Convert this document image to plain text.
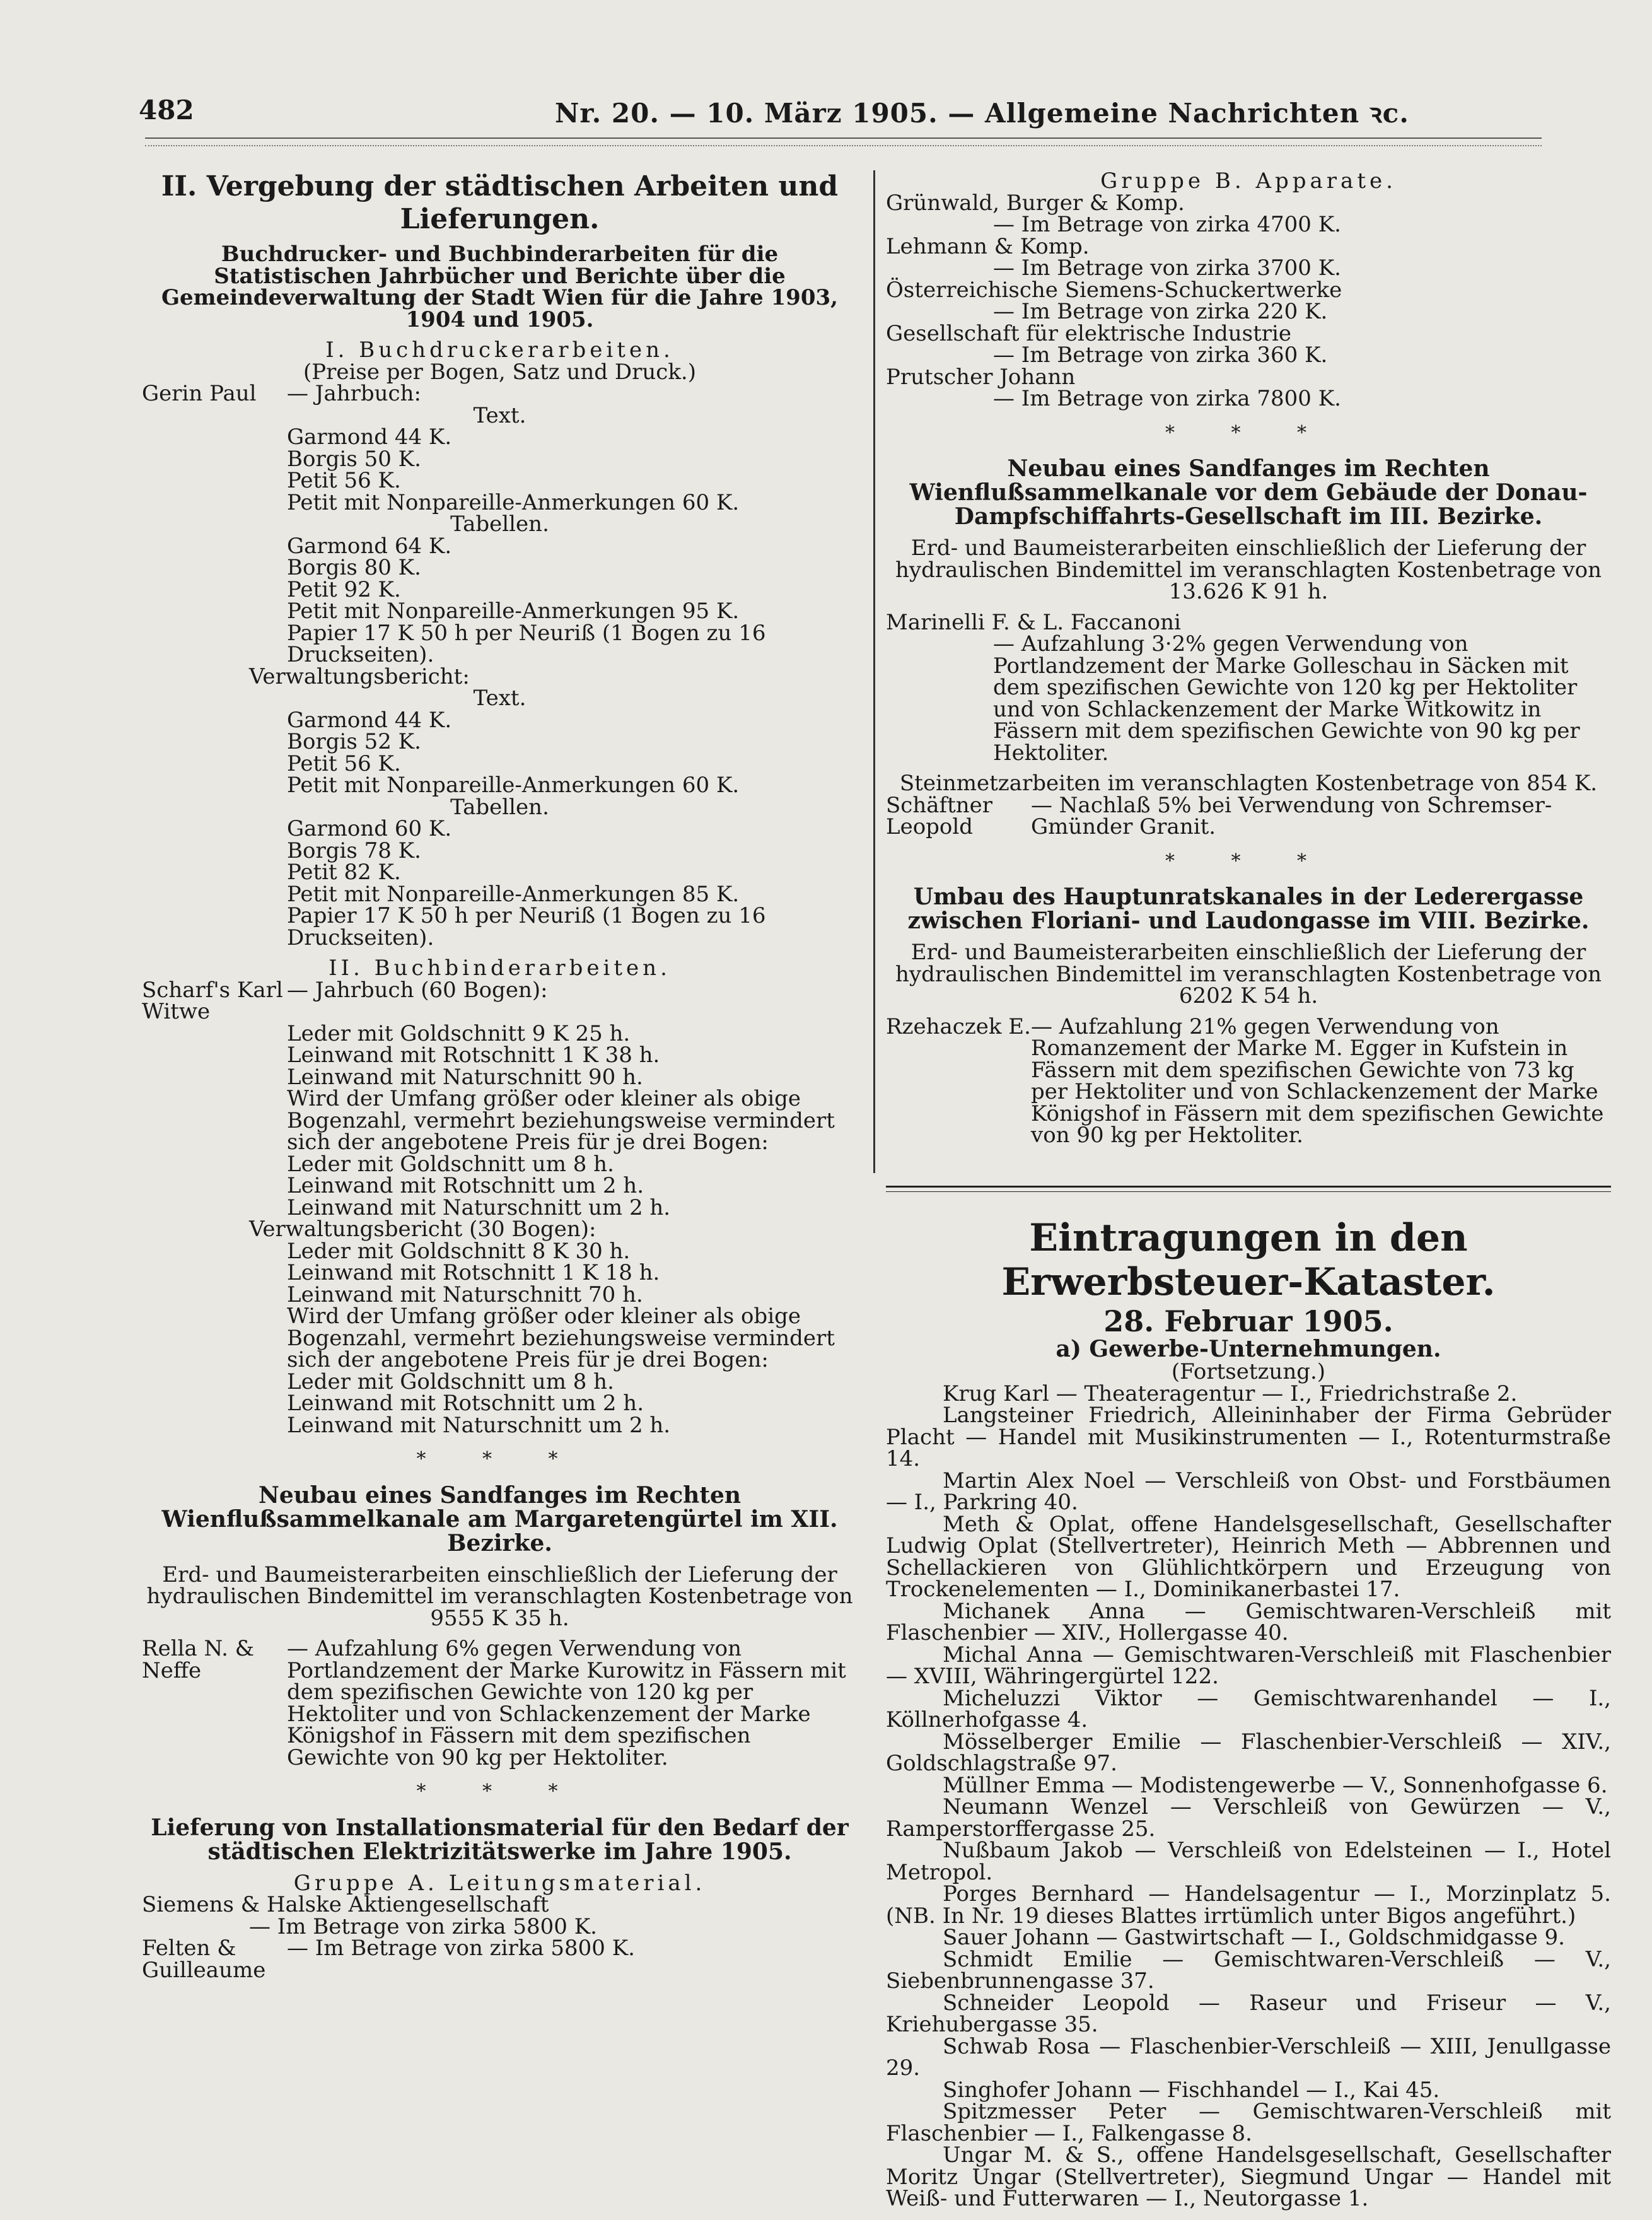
482	Nr. 20. — 10. März 1905. — Allgemeine Nachrichten ꝛc.
II. Vergebung der städtischen Arbeiten und Lieferungen.
Buchdrucker- und Buchbinderarbeiten für die Statistischen Jahrbücher und Berichte über die Gemeindeverwaltung der Stadt Wien für die Jahre 1903, 1904 und 1905.
I. Buchdruckerarbeiten.
(Preise per Bogen, Satz und Druck.)
Gerin Paul	— Jahrbuch:
Text.
Garmond 44 K.
Borgis 50 K.
Petit 56 K.
Petit mit Nonpareille-Anmerkungen 60 K.
Tabellen.
Garmond 64 K.
Borgis 80 K.
Petit 92 K.
Petit mit Nonpareille-Anmerkungen 95 K.
Papier 17 K 50 h per Neuriß (1 Bogen zu 16 Druckseiten).
Verwaltungsbericht:
Text.
Garmond 44 K.
Borgis 52 K.
Petit 56 K.
Petit mit Nonpareille-Anmerkungen 60 K.
Tabellen.
Garmond 60 K.
Borgis 78 K.
Petit 82 K.
Petit mit Nonpareille-Anmerkungen 85 K.
Papier 17 K 50 h per Neuriß (1 Bogen zu 16 Druckseiten).
II. Buchbinderarbeiten.
Scharf's Karl Witwe
— Jahrbuch (60 Bogen):
Leder mit Goldschnitt 9 K 25 h.
Leinwand mit Rotschnitt 1 K 38 h.
Leinwand mit Naturschnitt 90 h.
Wird der Umfang größer oder kleiner als obige Bogenzahl, vermehrt beziehungsweise vermindert sich der angebotene Preis für je drei Bogen:
Leder mit Goldschnitt um 8 h.
Leinwand mit Rotschnitt um 2 h.
Leinwand mit Naturschnitt um 2 h.
Verwaltungsbericht (30 Bogen):
Leder mit Goldschnitt 8 K 30 h.
Leinwand mit Rotschnitt 1 K 18 h.
Leinwand mit Naturschnitt 70 h.
Wird der Umfang größer oder kleiner als obige Bogenzahl, vermehrt beziehungsweise vermindert sich der angebotene Preis für je drei Bogen:
Leder mit Goldschnitt um 8 h.
Leinwand mit Rotschnitt um 2 h.
Leinwand mit Naturschnitt um 2 h.
* * *
Neubau eines Sandfanges im Rechten Wienflußsammelkanale am Margaretengürtel im XII. Bezirke.
Erd- und Baumeisterarbeiten einschließlich der Lieferung der hydraulischen Bindemittel im veranschlagten Kostenbetrage von 9555 K 35 h.
Rella N. & Neffe
— Aufzahlung 6% gegen Verwendung von Portlandzement der Marke Kurowitz in Fässern mit dem spezifischen Gewichte von 120 kg per Hektoliter und von Schlackenzement der Marke Königshof in Fässern mit dem spezifischen Gewichte von 90 kg per Hektoliter.
* * *
Lieferung von Installationsmaterial für den Bedarf der städtischen Elektrizitätswerke im Jahre 1905.
Gruppe A. Leitungsmaterial.
Siemens & Halske Aktiengesellschaft
— Im Betrage von zirka 5800 K.
Felten & Guilleaume
— Im Betrage von zirka 5800 K.
Gruppe B. Apparate.
Grünwald, Burger & Komp.
— Im Betrage von zirka 4700 K.
Lehmann & Komp.
— Im Betrage von zirka 3700 K.
Österreichische Siemens-Schuckertwerke
— Im Betrage von zirka 220 K.
Gesellschaft für elektrische Industrie
— Im Betrage von zirka 360 K.
Prutscher Johann
— Im Betrage von zirka 7800 K.
* * *
Neubau eines Sandfanges im Rechten Wienflußsammelkanale vor dem Gebäude der Donau-Dampfschiffahrts-Gesellschaft im III. Bezirke.
Erd- und Baumeisterarbeiten einschließlich der Lieferung der hydraulischen Bindemittel im veranschlagten Kostenbetrage von 13.626 K 91 h.
Marinelli F. & L. Faccanoni
— Aufzahlung 3·2% gegen Verwendung von Portlandzement der Marke Golleschau in Säcken mit dem spezifischen Gewichte von 120 kg per Hektoliter und von Schlackenzement der Marke Witkowitz in Fässern mit dem spezifischen Gewichte von 90 kg per Hektoliter.
Steinmetzarbeiten im veranschlagten Kostenbetrage von 854 K.
Schäftner Leopold
— Nachlaß 5% bei Verwendung von Schremser-Gmünder Granit.
* * *
Umbau des Hauptunratskanales in der Lederergasse zwischen Floriani- und Laudongasse im VIII. Bezirke.
Erd- und Baumeisterarbeiten einschließlich der Lieferung der hydraulischen Bindemittel im veranschlagten Kostenbetrage von 6202 K 54 h.
Rzehaczek E. — Aufzahlung 21% gegen Verwendung von Romanzement der Marke M. Egger in Kufstein in Fässern mit dem spezifischen Gewichte von 73 kg per Hektoliter und von Schlackenzement der Marke Königshof in Fässern mit dem spezifischen Gewichte von 90 kg per Hektoliter.
Eintragungen in den Erwerbsteuer-Kataster.
28. Februar 1905.
a) Gewerbe-Unternehmungen.
(Fortsetzung.)
Krug Karl — Theateragentur — I., Friedrichstraße 2.
Langsteiner Friedrich, Alleininhaber der Firma Gebrüder Placht — Handel mit Musikinstrumenten — I., Rotenturmstraße 14.
Martin Alex Noel — Verschleiß von Obst- und Forstbäumen — I., Parkring 40.
Meth & Oplat, offene Handelsgesellschaft, Gesellschafter Ludwig Oplat (Stellvertreter), Heinrich Meth — Abbrennen und Schellackieren von Glühlichtkörpern und Erzeugung von Trockenelementen — I., Dominikanerbastei 17.
Michanek Anna — Gemischtwaren-Verschleiß mit Flaschenbier — XIV., Hollergasse 40.
Michal Anna — Gemischtwaren-Verschleiß mit Flaschenbier — XVIII, Währingergürtel 122.
Micheluzzi Viktor — Gemischtwarenhandel — I., Köllnerhofgasse 4.
Mösselberger Emilie — Flaschenbier-Verschleiß — XIV., Goldschlagstraße 97.
Müllner Emma — Modistengewerbe — V., Sonnenhofgasse 6.
Neumann Wenzel — Verschleiß von Gewürzen — V., Ramperstorffergasse 25.
Nußbaum Jakob — Verschleiß von Edelsteinen — I., Hotel Metropol.
Porges Bernhard — Handelsagentur — I., Morzinplatz 5. (NB. In Nr. 19 dieses Blattes irrtümlich unter Bigos angeführt.)
Sauer Johann — Gastwirtschaft — I., Goldschmidgasse 9.
Schmidt Emilie — Gemischtwaren-Verschleiß — V., Siebenbrunnengasse 37.
Schneider Leopold — Raseur und Friseur — V., Kriehubergasse 35.
Schwab Rosa — Flaschenbier-Verschleiß — XIII, Jenullgasse 29.
Singhofer Johann — Fischhandel — I., Kai 45.
Spitzmesser Peter — Gemischtwaren-Verschleiß mit Flaschenbier — I., Falkengasse 8.
Ungar M. & S., offene Handelsgesellschaft, Gesellschafter Moritz Ungar (Stellvertreter), Siegmund Ungar — Handel mit Weiß- und Futterwaren — I., Neutorgasse 1.
